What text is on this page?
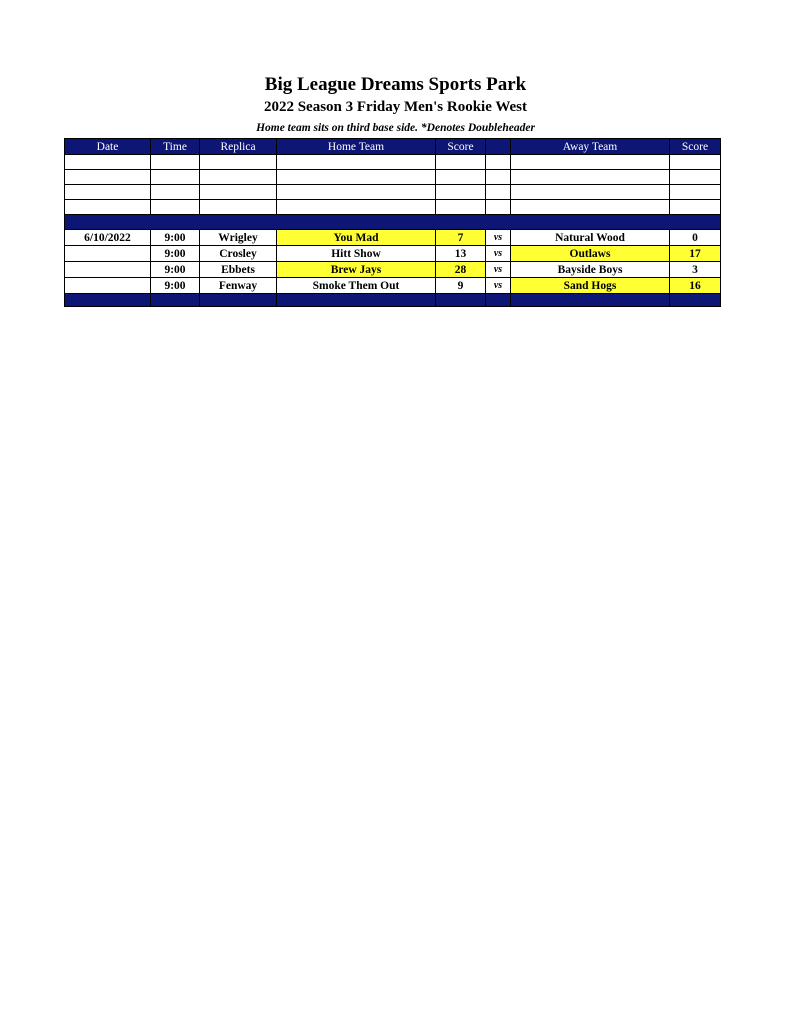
Big League Dreams Sports Park
2022 Season 3 Friday Men's Rookie West
Home team sits on third base side. *Denotes Doubleheader
Date	Time	Replica	Home Team	Score		Away Team	Score

6/10/2022	9:00	Wrigley	You Mad	7	vs	Natural Wood	0
	9:00	Crosley	Hitt Show	13	vs	Outlaws	17
	9:00	Ebbets	Brew Jays	28	vs	Bayside Boys	3
	9:00	Fenway	Smoke Them Out	9	vs	Sand Hogs	16
